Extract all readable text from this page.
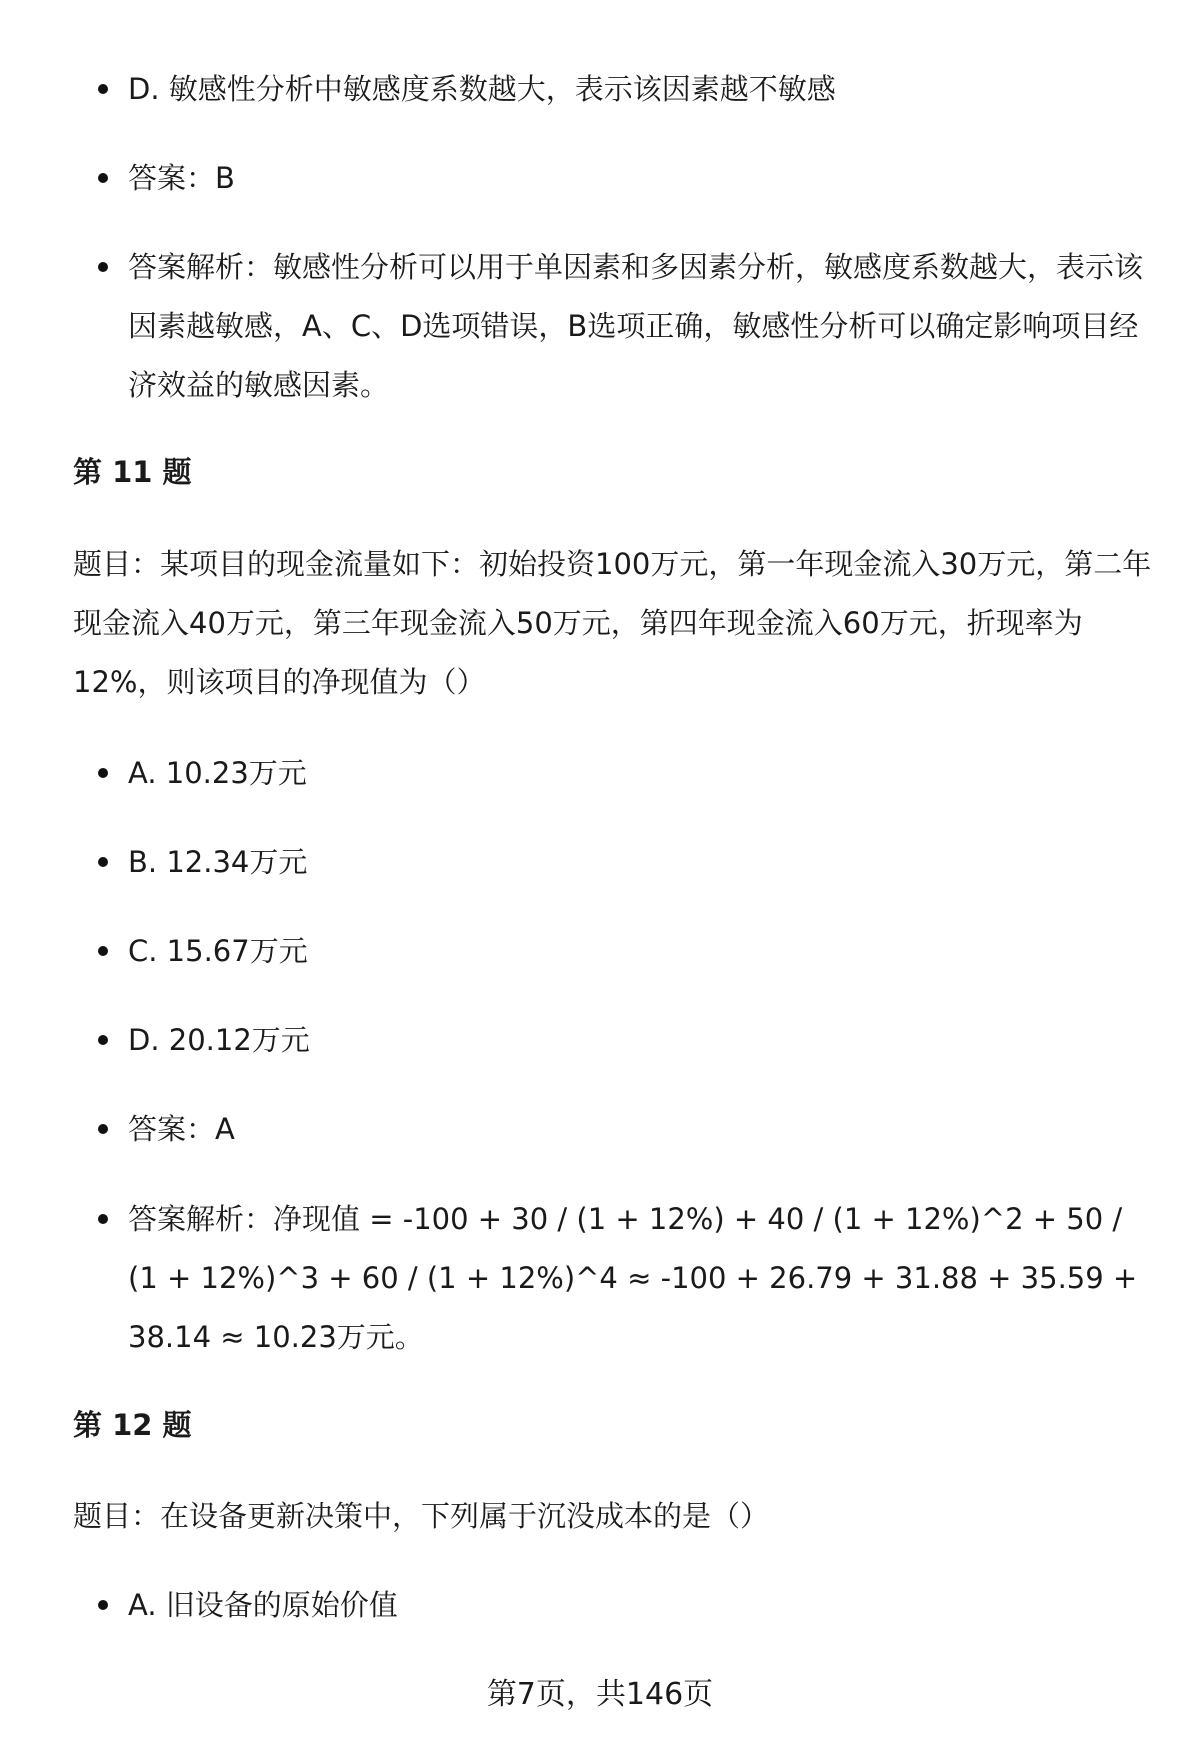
D. 敏感性分析中敏感度系数越大，表示该因素越不敏感
答案：B
答案解析：敏感性分析可以用于单因素和多因素分析，敏感度系数越大，表示该因素越敏感，A、C、D选项错误，B选项正确，敏感性分析可以确定影响项目经济效益的敏感因素。
第 11 题
题目：某项目的现金流量如下：初始投资100万元，第一年现金流入30万元，第二年现金流入40万元，第三年现金流入50万元，第四年现金流入60万元，折现率为12%，则该项目的净现值为（）
A. 10.23万元
B. 12.34万元
C. 15.67万元
D. 20.12万元
答案：A
答案解析：净现值 = -100 + 30 / (1 + 12%) + 40 / (1 + 12%)^2 + 50 / (1 + 12%)^3 + 60 / (1 + 12%)^4 ≈ -100 + 26.79 + 31.88 + 35.59 + 38.14 ≈ 10.23万元。
第 12 题
题目：在设备更新决策中，下列属于沉没成本的是（）
A. 旧设备的原始价值
第7页，共146页
